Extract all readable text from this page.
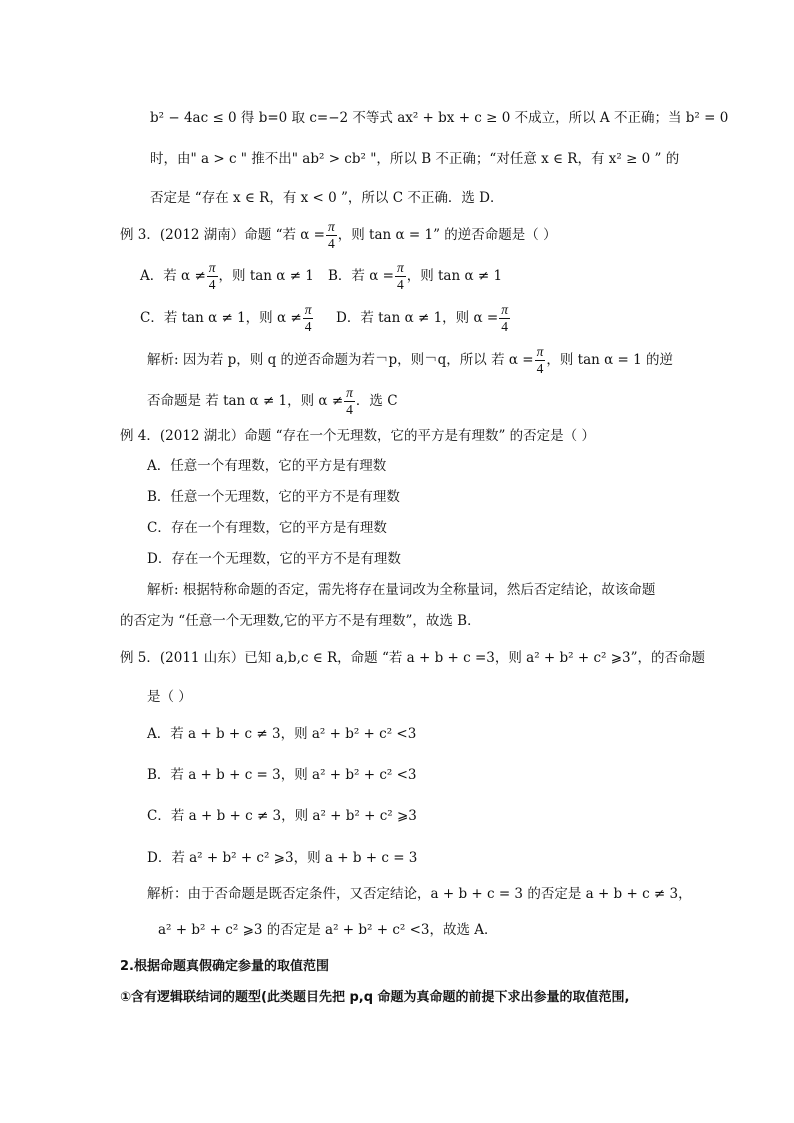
b² − 4ac ≤ 0 得 b=0 取 c=−2 不等式 ax² + bx + c ≥ 0 不成立，所以 A 不正确；当 b² = 0
时，由" a > c " 推不出" ab² > cb² "，所以 B 不正确；“对任意 x ∈ R，有 x² ≥ 0 ” 的
否定是 “存在 x ∈ R，有 x < 0 ”，所以 C 不正确．选 D．
例 3．(2012 湖南）命题 “若 $\alpha = \frac{\pi}{4}$ ，则 tan α = 1” 的逆否命题是（ ）
A．若 $\alpha \ne \frac{\pi}{4}$ ，则 tan α ≠ 1 B．若 $\alpha = \frac{\pi}{4}$ ，则 tan α ≠ 1
C．若 tan α ≠ 1，则 $\alpha \ne \frac{\pi}{4}$ D．若 tan α ≠ 1，则 $\alpha = \frac{\pi}{4}$
解析: 因为若 p，则 q 的逆否命题为若￢p，则￢q，所以 若 $\alpha = \frac{\pi}{4}$ ，则 tan α = 1 的逆
否命题是 若 tan α ≠ 1，则 $\alpha \ne \frac{\pi}{4}$ ．选 C
例 4．(2012 湖北）命题 “存在一个无理数，它的平方是有理数” 的否定是（ ）
A．任意一个有理数，它的平方是有理数
B．任意一个无理数，它的平方不是有理数
C．存在一个有理数，它的平方是有理数
D．存在一个无理数，它的平方不是有理数
解析: 根据特称命题的否定，需先将存在量词改为全称量词，然后否定结论，故该命题
的否定为 “任意一个无理数,它的平方不是有理数”，故选 B．
例 5．(2011 山东）已知 a,b,c ∈ R，命题 “若 a + b + c =3，则 a² + b² + c² ⩾3”，的否命题
是（ ）
A．若 a + b + c ≠ 3，则 a² + b² + c² <3
B．若 a + b + c = 3，则 a² + b² + c² <3
C．若 a + b + c ≠ 3，则 a² + b² + c² ⩾3
D．若 a² + b² + c² ⩾3，则 a + b + c = 3
解析：由于否命题是既否定条件，又否定结论，a + b + c = 3 的否定是 a + b + c ≠ 3，
a² + b² + c² ⩾3 的否定是 a² + b² + c² <3，故选 A．
2.根据命题真假确定参量的取值范围
①含有逻辑联结词的题型(此类题目先把 p,q 命题为真命题的前提下求出参量的取值范围,
